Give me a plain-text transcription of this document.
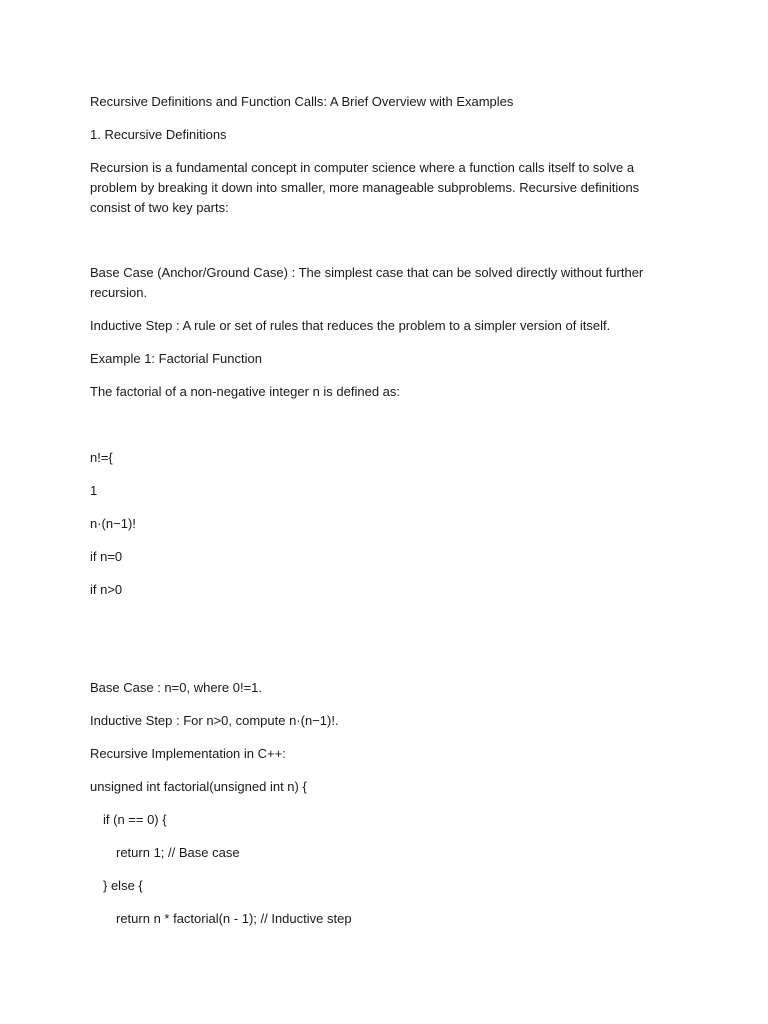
Recursive Definitions and Function Calls: A Brief Overview with Examples
1. Recursive Definitions
Recursion is a fundamental concept in computer science where a function calls itself to solve a problem by breaking it down into smaller, more manageable subproblems. Recursive definitions consist of two key parts:
Base Case (Anchor/Ground Case) : The simplest case that can be solved directly without further recursion.
Inductive Step : A rule or set of rules that reduces the problem to a simpler version of itself.
Example 1: Factorial Function
The factorial of a non-negative integer n is defined as:
n!={
1
n·(n−1)!
if n=0
if n>0
Base Case : n=0, where 0!=1.
Inductive Step : For n>0, compute n·(n−1)!.
Recursive Implementation in C++:
unsigned int factorial(unsigned int n) {
if (n == 0) {
return 1; // Base case
} else {
return n * factorial(n - 1); // Inductive step
